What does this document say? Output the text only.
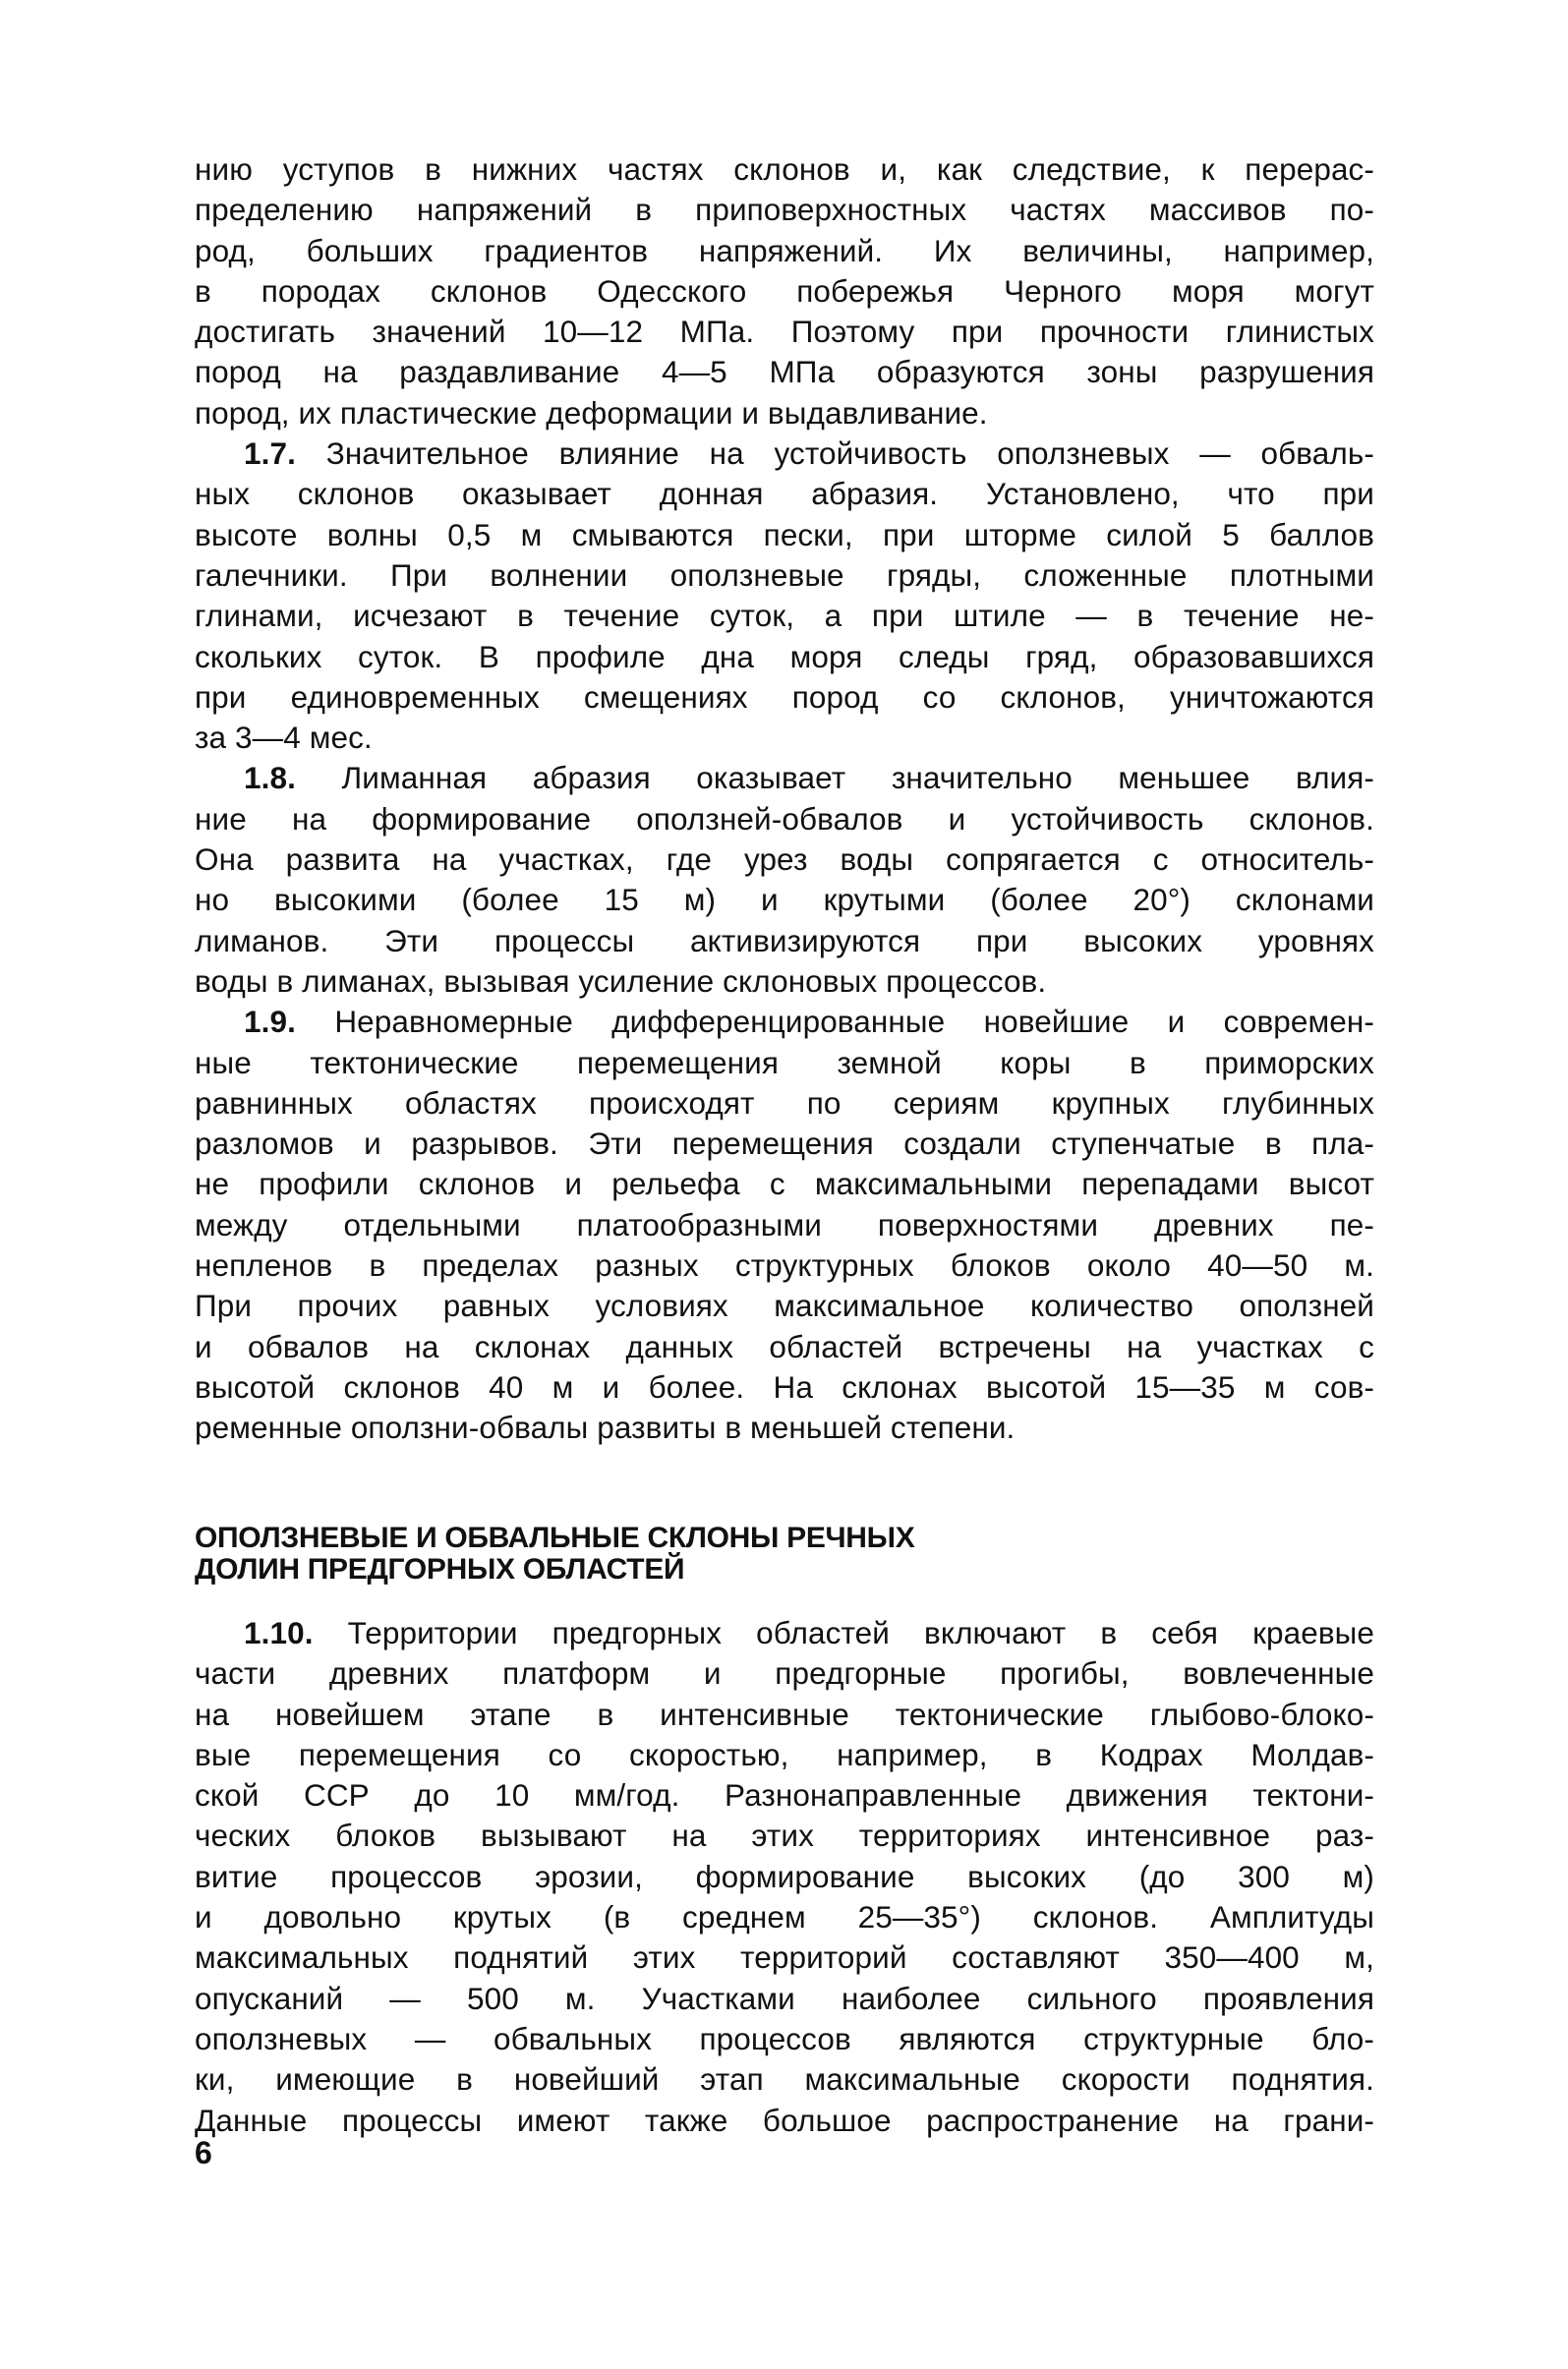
нию уступов в нижних частях склонов и, как следствие, к перерас-
пределению напряжений в приповерхностных частях массивов по-
род, больших градиентов напряжений. Их величины, например,
в породах склонов Одесского побережья Черного моря могут
достигать значений 10—12 МПа. Поэтому при прочности глинистых
пород на раздавливание 4—5 МПа образуются зоны разрушения
пород, их пластические деформации и выдавливание.
1.7. Значительное влияние на устойчивость оползневых — обваль-
ных склонов оказывает донная абразия. Установлено, что при
высоте волны 0,5 м смываются пески, при шторме силой 5 баллов
галечники. При волнении оползневые гряды, сложенные плотными
глинами, исчезают в течение суток, а при штиле — в течение не-
скольких суток. В профиле дна моря следы гряд, образовавшихся
при единовременных смещениях пород со склонов, уничтожаются
за 3—4 мес.
1.8. Лиманная абразия оказывает значительно меньшее влия-
ние на формирование оползней-обвалов и устойчивость склонов.
Она развита на участках, где урез воды сопрягается с относитель-
но высокими (более 15 м) и крутыми (более 20°) склонами
лиманов. Эти процессы активизируются при высоких уровнях
воды в лиманах, вызывая усиление склоновых процессов.
1.9. Неравномерные дифференцированные новейшие и современ-
ные тектонические перемещения земной коры в приморских
равнинных областях происходят по сериям крупных глубинных
разломов и разрывов. Эти перемещения создали ступенчатые в пла-
не профили склонов и рельефа с максимальными перепадами высот
между отдельными платообразными поверхностями древних пе-
непленов в пределах разных структурных блоков около 40—50 м.
При прочих равных условиях максимальное количество оползней
и обвалов на склонах данных областей встречены на участках с
высотой склонов 40 м и более. На склонах высотой 15—35 м сов-
ременные оползни-обвалы развиты в меньшей степени.
ОПОЛЗНЕВЫЕ И ОБВАЛЬНЫЕ СКЛОНЫ РЕЧНЫХ
ДОЛИН ПРЕДГОРНЫХ ОБЛАСТЕЙ
1.10. Территории предгорных областей включают в себя краевые
части древних платформ и предгорные прогибы, вовлеченные
на новейшем этапе в интенсивные тектонические глыбово-блоко-
вые перемещения со скоростью, например, в Кодрах Молдав-
ской ССР до 10 мм/год. Разнонаправленные движения тектони-
ческих блоков вызывают на этих территориях интенсивное раз-
витие процессов эрозии, формирование высоких (до 300 м)
и довольно крутых (в среднем 25—35°) склонов. Амплитуды
максимальных поднятий этих территорий составляют 350—400 м,
опусканий — 500 м. Участками наиболее сильного проявления
оползневых — обвальных процессов являются структурные бло-
ки, имеющие в новейший этап максимальные скорости поднятия.
Данные процессы имеют также большое распространение на грани-
6
